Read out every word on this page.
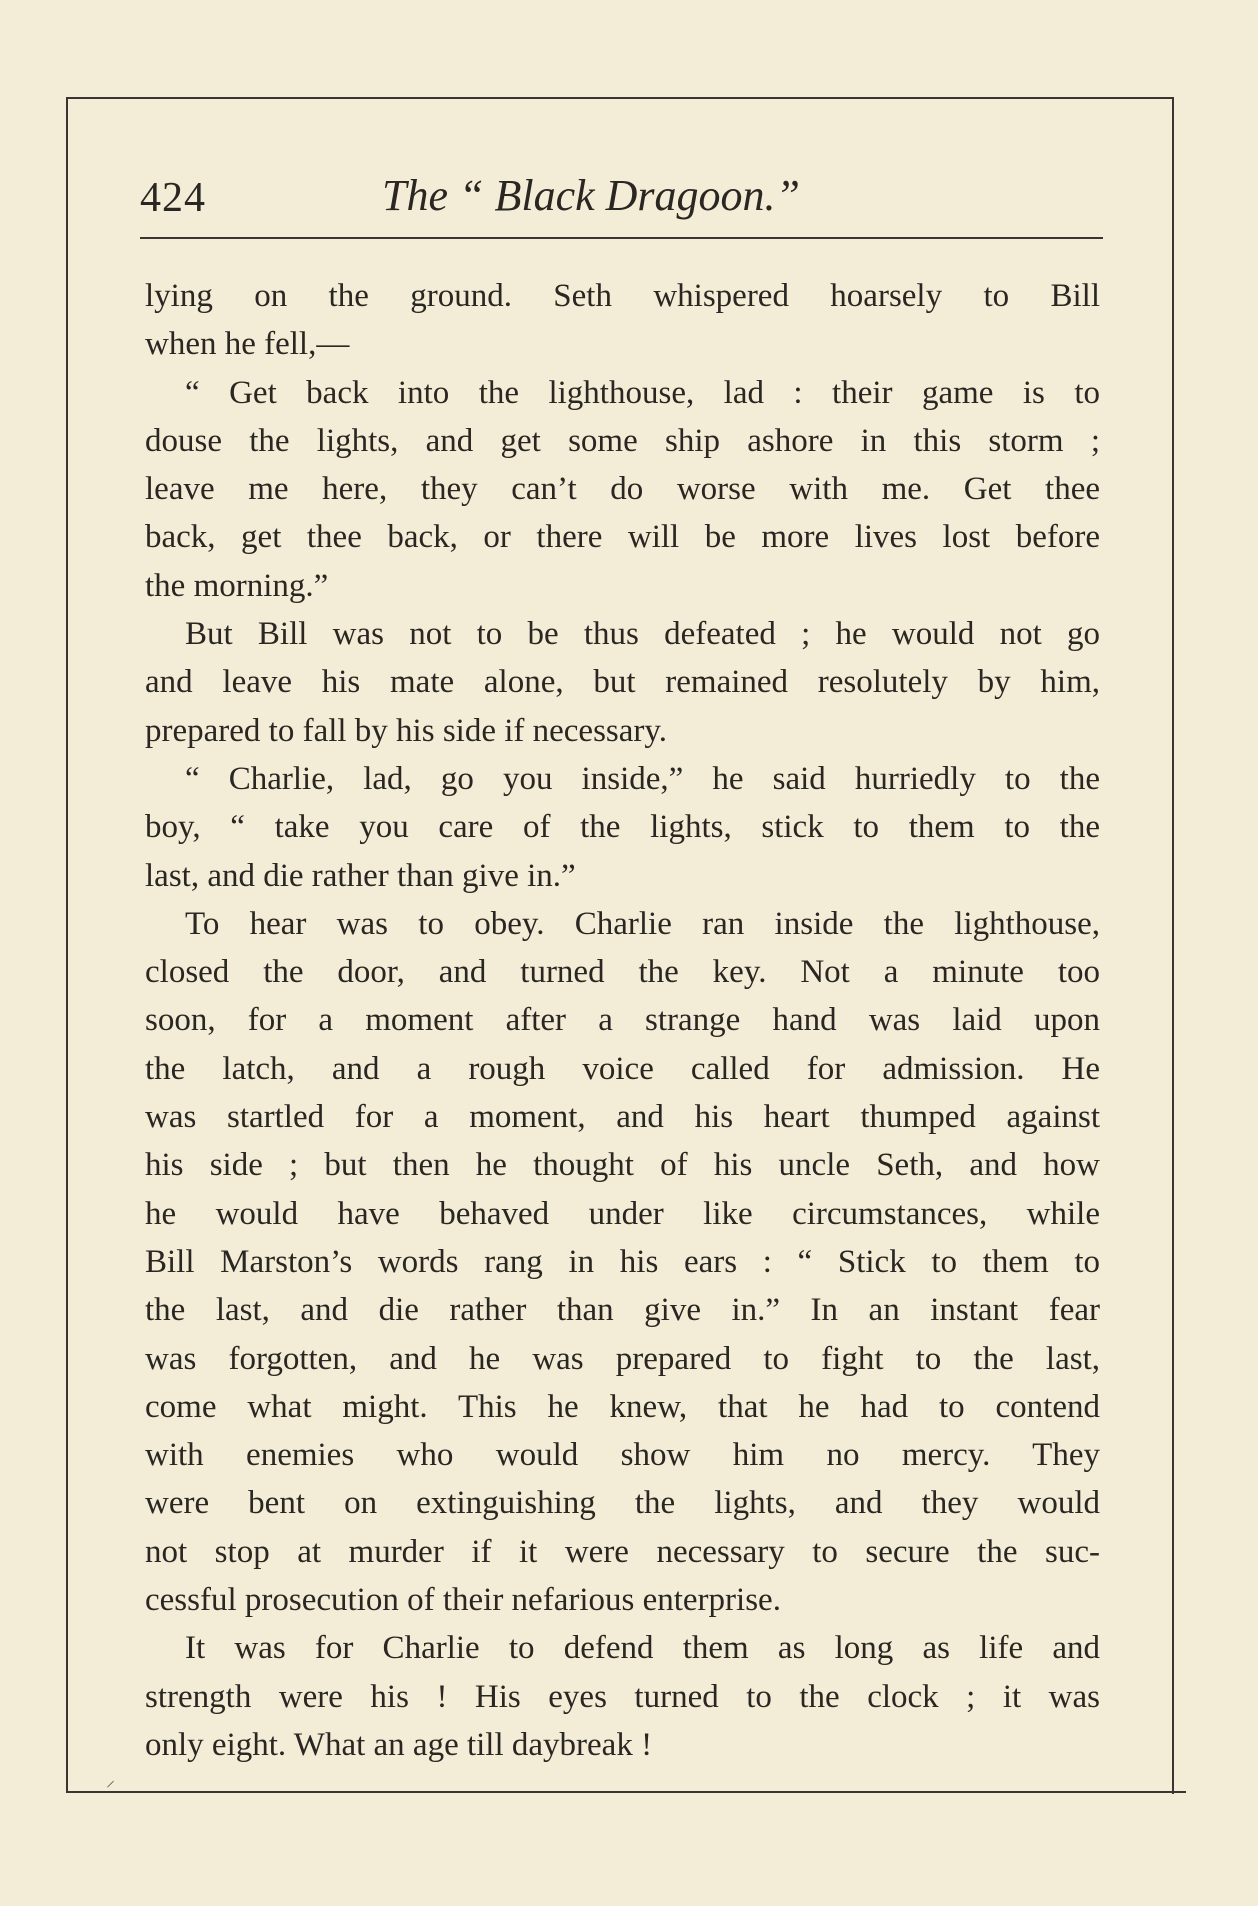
424	The “ Black Dragoon.”
lying on the ground. Seth whispered hoarsely to Bill
when he fell,—
“ Get back into the lighthouse, lad : their game is to
douse the lights, and get some ship ashore in this storm ;
leave me here, they can’t do worse with me. Get thee
back, get thee back, or there will be more lives lost before
the morning.”
But Bill was not to be thus defeated ; he would not go
and leave his mate alone, but remained resolutely by him,
prepared to fall by his side if necessary.
“ Charlie, lad, go you inside,” he said hurriedly to the
boy, “ take you care of the lights, stick to them to the
last, and die rather than give in.”
To hear was to obey. Charlie ran inside the lighthouse,
closed the door, and turned the key. Not a minute too
soon, for a moment after a strange hand was laid upon
the latch, and a rough voice called for admission. He
was startled for a moment, and his heart thumped against
his side ; but then he thought of his uncle Seth, and how
he would have behaved under like circumstances, while
Bill Marston’s words rang in his ears : “ Stick to them to
the last, and die rather than give in.” In an instant fear
was forgotten, and he was prepared to fight to the last,
come what might. This he knew, that he had to contend
with enemies who would show him no mercy. They
were bent on extinguishing the lights, and they would
not stop at murder if it were necessary to secure the suc-
cessful prosecution of their nefarious enterprise.
It was for Charlie to defend them as long as life and
strength were his ! His eyes turned to the clock ; it was
only eight. What an age till daybreak !
⸝
